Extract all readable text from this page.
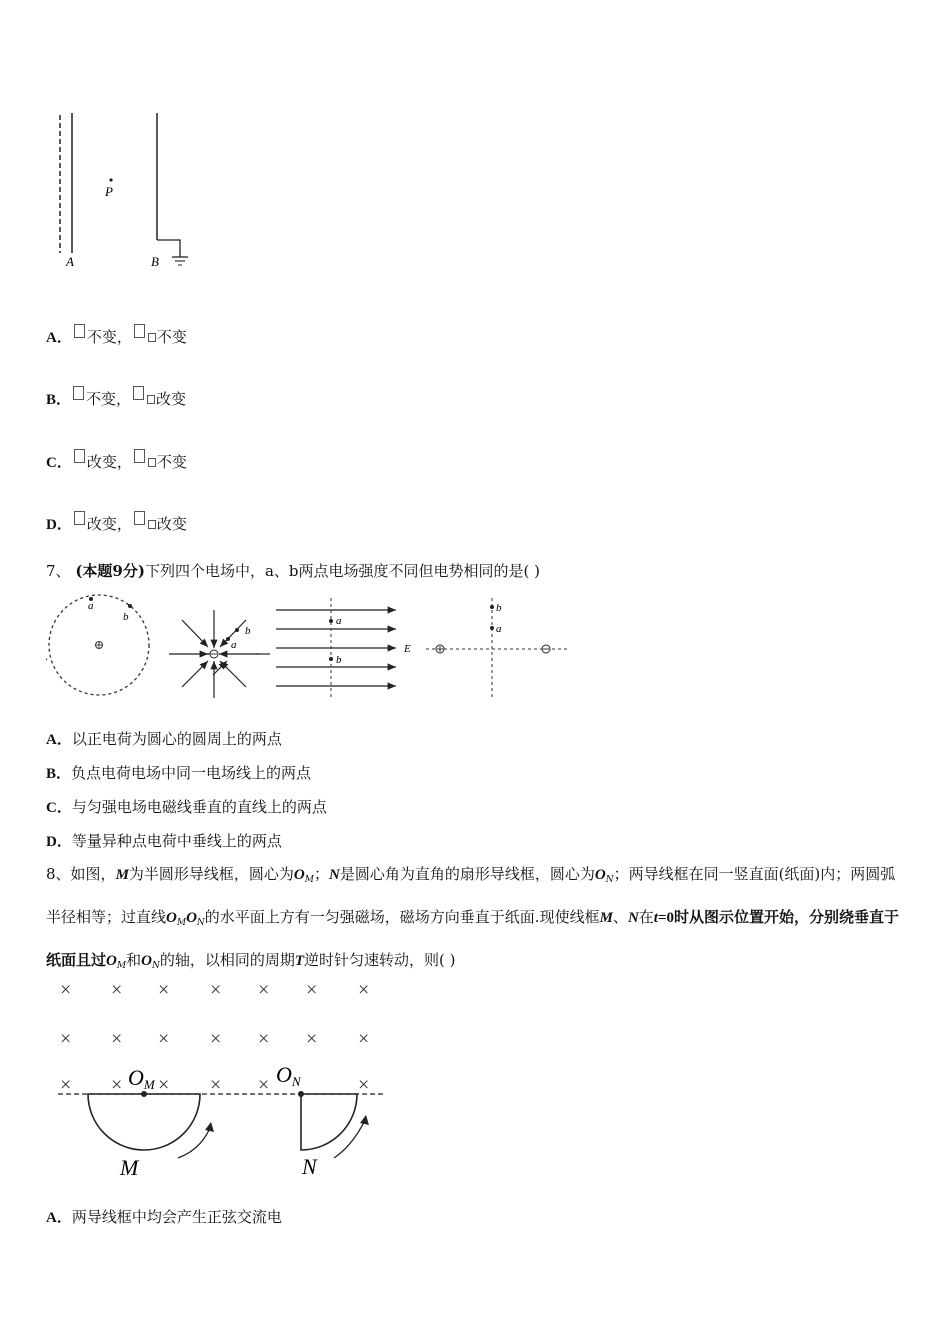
P
A	B
A． 不变， 不变
B． 不变， 改变
C． 改变， 不变
D． 改变， 改变
7、 (本题9分)下列四个电场中，a、b两点电场强度不同但电势相同的是( )
.
a
b
b
a
a
b
E
b
a
A．以正电荷为圆心的圆周上的两点
B．负点电荷电场中同一电场线上的两点
C．与匀强电场电磁线垂直的直线上的两点
D．等量异种点电荷中垂线上的两点
8、如图，M为半圆形导线框，圆心为$O_M$；N是圆心角为直角的扇形导线框，圆心为$O_N$；两导线框在同一竖直面(纸面)内；两圆弧半径相等；过直线$O_MO_N$的水平面上方有一匀强磁场，磁场方向垂直于纸面.现使线框M、N在t=0时从图示位置开始，分别绕垂直于纸面且过$O_M$和$O_N$的轴，以相同的周期T逆时针匀速转动，则( )
× × × × × × ×
× × × × × × ×
× × × × ×	×
OM	ON
M	N
A．两导线框中均会产生正弦交流电
